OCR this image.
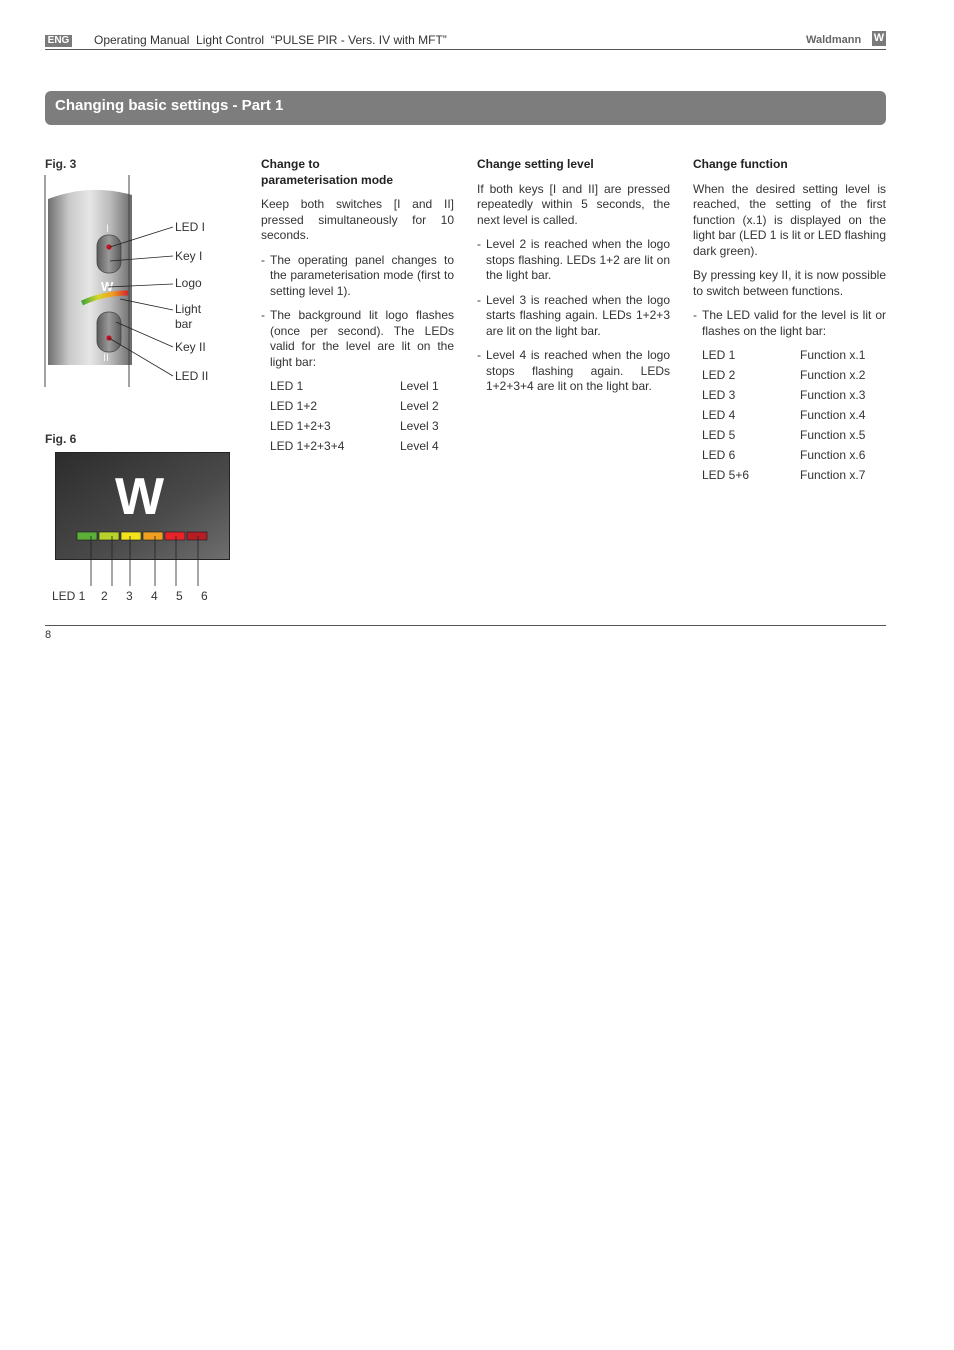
ENG Operating Manual  Light Control  “PULSE PIR - Vers. IV with MFT”	Waldmann W
Changing basic settings - Part 1
Fig. 3
I
W
II
LED I
Key I
Logo
Light
bar
Key II
LED II
Fig. 6
W
LED 1 2 3 4 5 6
Change to
parameterisation mode

Keep both switches [I and II] pressed simultaneously for 10 seconds.

- The operating panel changes to the parameterisation mode (first to setting level 1).
- The background lit logo flashes (once per second). The LEDs valid for the level are lit on the light bar:
LED 1	Level 1
LED 1+2	Level 2
LED 1+2+3	Level 3
LED 1+2+3+4	Level 4
Change setting level

If both keys [I and II] are pressed repeatedly within 5 seconds, the next level is called.

- Level 2 is reached when the logo stops flashing. LEDs 1+2 are lit on the light bar.
- Level 3 is reached when the logo starts flashing again. LEDs 1+2+3 are lit on the light bar.
- Level 4 is reached when the logo stops flashing again. LEDs 1+2+3+4 are lit on the light bar.
Change function

When the desired setting level is reached, the setting of the first function (x.1) is displayed on the light bar (LED 1 is lit or LED flashing dark green).

By pressing key II, it is now possible to switch between functions.

- The LED valid for the level is lit or flashes on the light bar:
LED 1	Function x.1
LED 2	Function x.2
LED 3	Function x.3
LED 4	Function x.4
LED 5	Function x.5
LED 6	Function x.6
LED 5+6	Function x.7
8
